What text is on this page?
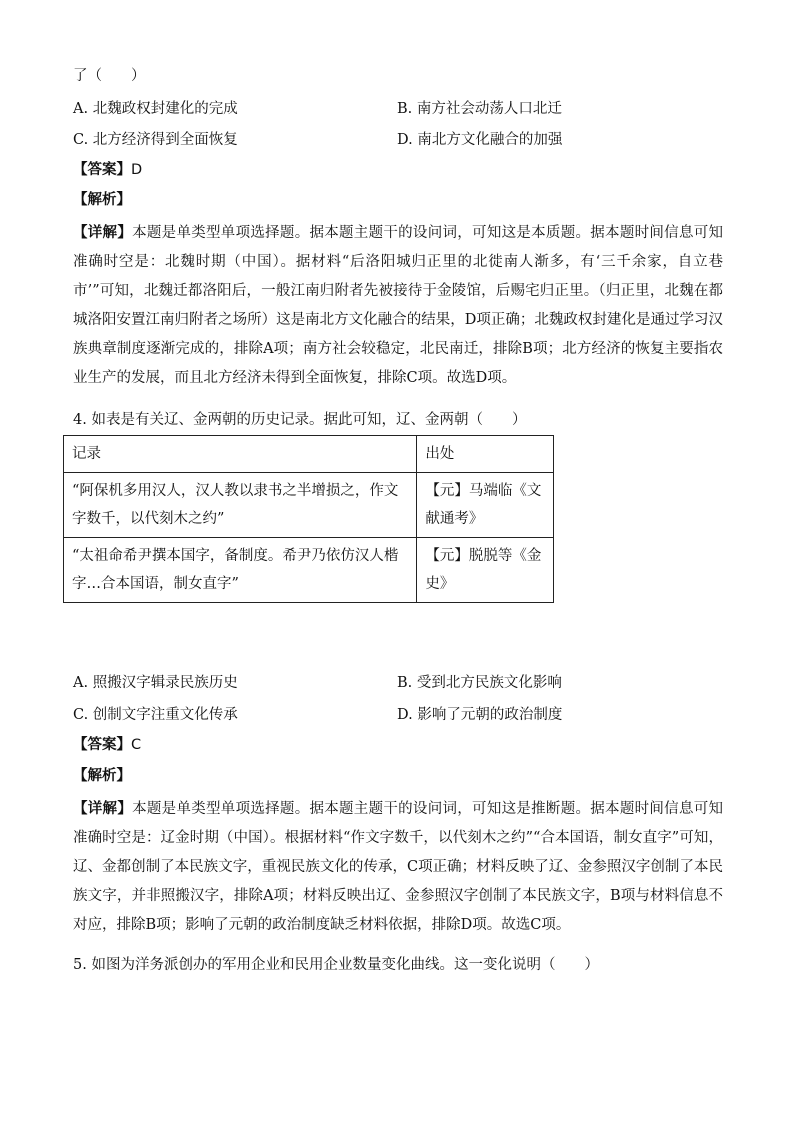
了（　　）
A. 北魏政权封建化的完成	B. 南方社会动荡人口北迁
C. 北方经济得到全面恢复	D. 南北方文化融合的加强
【答案】D
【解析】
【详解】本题是单类型单项选择题。据本题主题干的设问词，可知这是本质题。据本题时间信息可知准确时空是：北魏时期（中国）。据材料“后洛阳城归正里的北徙南人渐多，有‘三千余家，自立巷市’”可知，北魏迁都洛阳后，一般江南归附者先被接待于金陵馆，后赐宅归正里。（归正里，北魏在都城洛阳安置江南归附者之场所）这是南北方文化融合的结果，D项正确；北魏政权封建化是通过学习汉族典章制度逐渐完成的，排除A项；南方社会较稳定，北民南迁，排除B项；北方经济的恢复主要指农业生产的发展，而且北方经济未得到全面恢复，排除C项。故选D项。
4. 如表是有关辽、金两朝的历史记录。据此可知，辽、金两朝（　　）
记录	出处
“阿保机多用汉人，汉人教以隶书之半增损之，作文字数千，以代刻木之约”	【元】马端临《文献通考》
“太祖命希尹撰本国字，备制度。希尹乃依仿汉人楷字…合本国语，制女直字”	【元】脱脱等《金史》
A. 照搬汉字辑录民族历史	B. 受到北方民族文化影响
C. 创制文字注重文化传承	D. 影响了元朝的政治制度
【答案】C
【解析】
【详解】本题是单类型单项选择题。据本题主题干的设问词，可知这是推断题。据本题时间信息可知准确时空是：辽金时期（中国）。根据材料“作文字数千，以代刻木之约”“合本国语，制女直字”可知，辽、金都创制了本民族文字，重视民族文化的传承，C项正确；材料反映了辽、金参照汉字创制了本民族文字，并非照搬汉字，排除A项；材料反映出辽、金参照汉字创制了本民族文字，B项与材料信息不对应，排除B项；影响了元朝的政治制度缺乏材料依据，排除D项。故选C项。
5. 如图为洋务派创办的军用企业和民用企业数量变化曲线。这一变化说明（　　）
